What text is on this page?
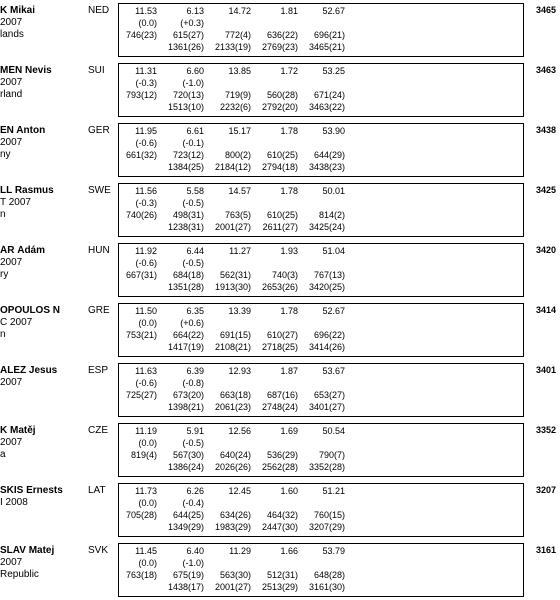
K Mikai
2007
lands
NED	11.53	6.13	14.72	1.81	52.67
(0.0)	(+0.3)
746(23) 615(27) 772(4) 636(22) 696(21)
1361(26) 2133(19) 2769(23) 3465(21)
3465
MEN Nevis
2007
rland
SUI	11.31	6.60	13.85	1.72	53.25
(-0.3)	(-1.0)
793(12) 720(13) 719(9) 560(28) 671(24)
1513(10) 2232(6) 2792(20) 3463(22)
3463
EN Anton
2007
ny
GER	11.95	6.61	15.17	1.78	53.90
(-0.6)	(-0.1)
661(32) 723(12) 800(2) 610(25) 644(29)
1384(25) 2184(12) 2794(18) 3438(23)
3438
LL Rasmus
T 2007
n
SWE	11.56	5.58	14.57	1.78	50.01
(-0.3)	(-0.5)
740(26) 498(31) 763(5) 610(25) 814(2)
1238(31) 2001(27) 2611(27) 3425(24)
3425
ÁR Ádám
2007
ry
HUN	11.92	6.44	11.27	1.93	51.04
(-0.6)	(-0.5)
667(31) 684(18) 562(31) 740(3) 767(13)
1351(28) 1913(30) 2653(26) 3420(25)
3420
OPOULOS N
C 2007
n
GRE	11.50	6.35	13.39	1.78	52.67
(0.0)	(+0.6)
753(21) 664(22) 691(15) 610(27) 696(22)
1417(19) 2108(21) 2718(25) 3414(26)
3414
ALEZ Jesus
2007
ESP	11.63	6.39	12.93	1.87	53.67
(-0.6)	(-0.8)
725(27) 673(20) 663(18) 687(16) 653(27)
1398(21) 2061(23) 2748(24) 3401(27)
3401
K Matěj
2007
a
CZE	11.19	5.91	12.56	1.69	50.54
(0.0)	(-0.5)
819(4) 567(30) 640(24) 536(29) 790(7)
1386(24) 2026(26) 2562(28) 3352(28)
3352
SKIS Ernests
I 2008
LAT	11.73	6.26	12.45	1.60	51.21
(0.0)	(-0.4)
705(28) 644(25) 634(26) 464(32) 760(15)
1349(29) 1983(29) 2447(30) 3207(29)
3207
SLAV Matej
2007
Republic
SVK	11.45	6.40	11.29	1.66	53.79
(0.0)	(-1.0)
763(18) 675(19) 563(30) 512(31) 648(28)
1438(17) 2001(27) 2513(29) 3161(30)
3161
